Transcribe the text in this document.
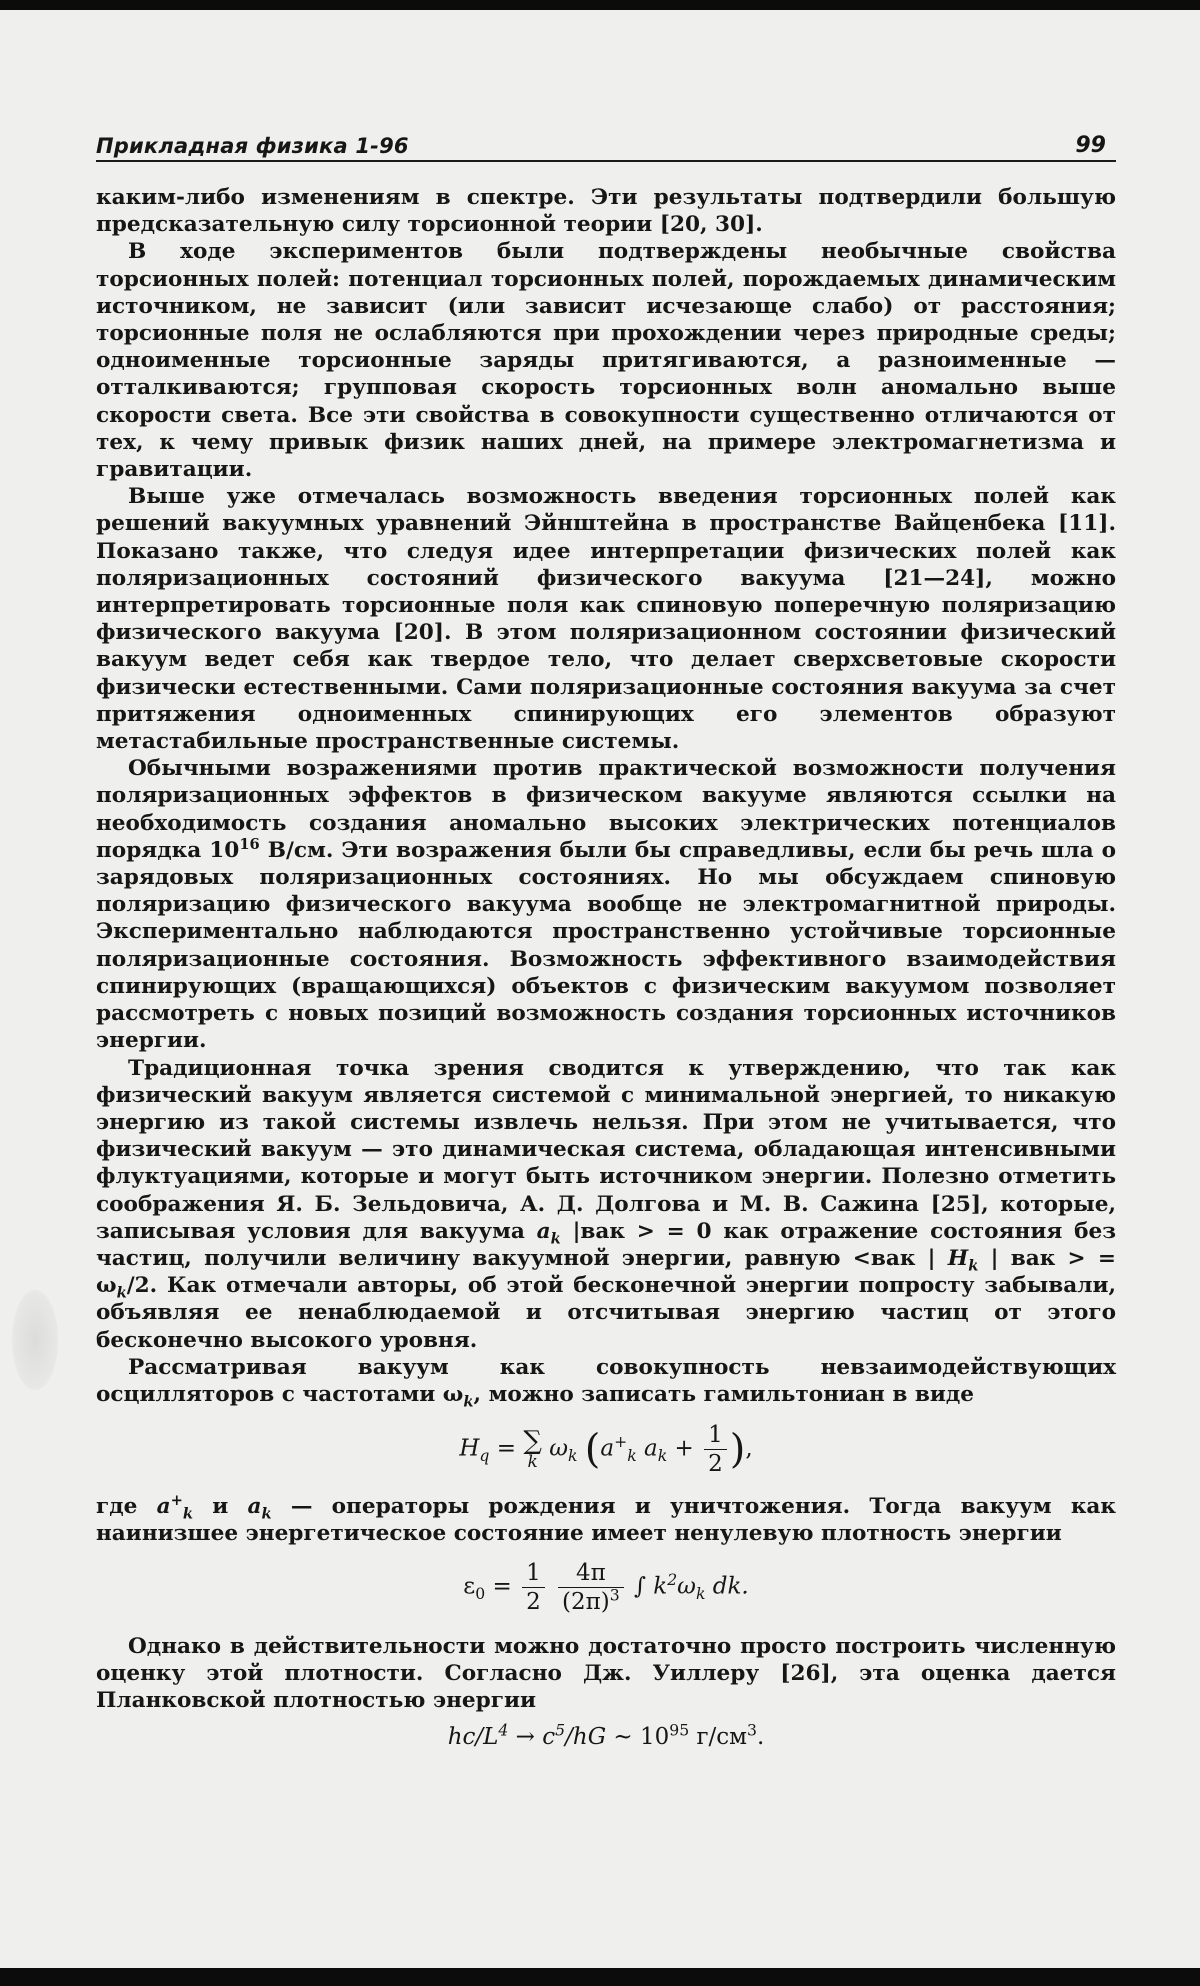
Прикладная физика 1-96	99

каким-либо изменениям в спектре. Эти результаты подтвердили большую предсказательную силу торсионной теории [20, 30].

В ходе экспериментов были подтверждены необычные свойства торсионных полей: потенциал торсионных полей, порождаемых динамическим источником, не зависит (или зависит исчезающе слабо) от расстояния; торсионные поля не ослабляются при прохождении через природные среды; одноименные торсионные заряды притягиваются, а разноименные — отталкиваются; групповая скорость торсионных волн аномально выше скорости света. Все эти свойства в совокупности существенно отличаются от тех, к чему привык физик наших дней, на примере электромагнетизма и гравитации.

Выше уже отмечалась возможность введения торсионных полей как решений вакуумных уравнений Эйнштейна в пространстве Вайценбека [11]. Показано также, что следуя идее интерпретации физических полей как поляризационных состояний физического вакуума [21—24], можно интерпретировать торсионные поля как спиновую поперечную поляризацию физического вакуума [20]. В этом поляризационном состоянии физический вакуум ведет себя как твердое тело, что делает сверхсветовые скорости физически естественными. Сами поляризационные состояния вакуума за счет притяжения одноименных спинирующих его элементов образуют метастабильные пространственные системы.

Обычными возражениями против практической возможности получения поляризационных эффектов в физическом вакууме являются ссылки на необходимость создания аномально высоких электрических потенциалов порядка $10^{16}$ В/см. Эти возражения были бы справедливы, если бы речь шла о зарядовых поляризационных состояниях. Но мы обсуждаем спиновую поляризацию физического вакуума вообще не электромагнитной природы. Экспериментально наблюдаются пространственно устойчивые торсионные поляризационные состояния. Возможность эффективного взаимодействия спинирующих (вращающихся) объектов с физическим вакуумом позволяет рассмотреть с новых позиций возможность создания торсионных источников энергии.

Традиционная точка зрения сводится к утверждению, что так как физический вакуум является системой с минимальной энергией, то никакую энергию из такой системы извлечь нельзя. При этом не учитывается, что физический вакуум — это динамическая система, обладающая интенсивными флуктуациями, которые и могут быть источником энергии. Полезно отметить соображения Я. Б. Зельдовича, А. Д. Долгова и М. В. Сажина [25], которые, записывая условия для вакуума $a_k$ |вак > = 0 как отражение состояния без частиц, получили величину вакуумной энергии, равную <вак | $H_k$ | вак > = $\omega_k/2$. Как отмечали авторы, об этой бесконечной энергии попросту забывали, объявляя ее ненаблюдаемой и отсчитывая энергию частиц от этого бесконечно высокого уровня.

Рассматривая вакуум как совокупность невзаимодействующих осцилляторов с частотами $\omega_k$, можно записать гамильтониан в виде

$H_q$ = ∑
k
$\omega_k$ ($a^+_k$ $a_k + \frac{1}{2}$ ),

где $a^+_k$ и $a_k$ — операторы рождения и уничтожения. Тогда вакуум как наинизшее энергетическое состояние имеет ненулевую плотность энергии

$\varepsilon_0 = \frac{1}{2}$
$\frac{4\pi}{(2\pi)^3}$ ∫ $k^2\omega_k$ dk.

Однако в действительности можно достаточно просто построить численную оценку этой плотности. Согласно Дж. Уиллеру [26], эта оценка дается Планковской плотностью энергии

$hc/L^4 \to c^5/hG$ ~ $10^{95}$ $г/см^3$.
